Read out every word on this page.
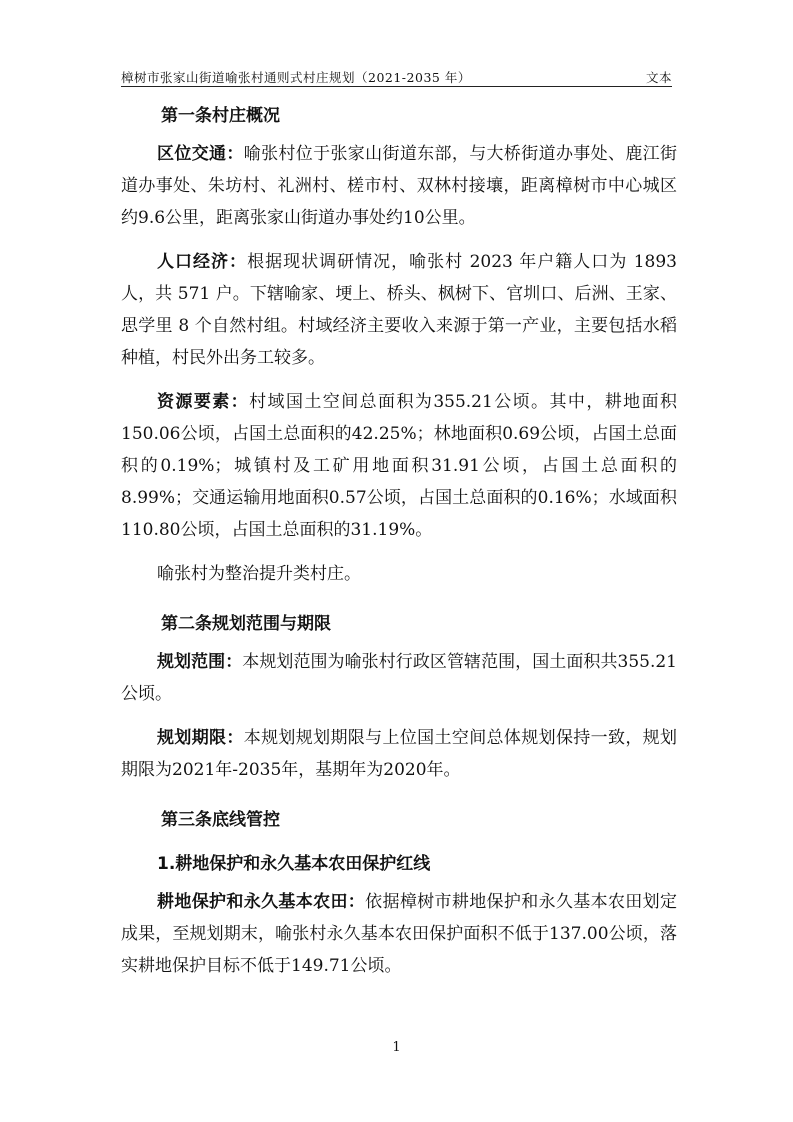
樟树市张家山街道喻张村通则式村庄规划（2021-2035 年）	文本
第一条村庄概况

区位交通：喻张村位于张家山街道东部，与大桥街道办事处、鹿江街道办事处、朱坊村、礼洲村、槎市村、双林村接壤，距离樟树市中心城区约9.6公里，距离张家山街道办事处约10公里。

人口经济：根据现状调研情况，喻张村 2023 年户籍人口为 1893 人，共 571 户。下辖喻家、埂上、桥头、枫树下、官圳口、后洲、王家、思学里 8 个自然村组。村域经济主要收入来源于第一产业，主要包括水稻种植，村民外出务工较多。

资源要素：村域国土空间总面积为355.21公顷。其中，耕地面积150.06公顷，占国土总面积的42.25%；林地面积0.69公顷，占国土总面积的0.19%；城镇村及工矿用地面积31.91公顷，占国土总面积的8.99%；交通运输用地面积0.57公顷，占国土总面积的0.16%；水域面积110.80公顷，占国土总面积的31.19%。

喻张村为整治提升类村庄。

第二条规划范围与期限

规划范围：本规划范围为喻张村行政区管辖范围，国土面积共355.21公顷。

规划期限：本规划规划期限与上位国土空间总体规划保持一致，规划期限为2021年-2035年，基期年为2020年。

第三条底线管控
1.耕地保护和永久基本农田保护红线

耕地保护和永久基本农田：依据樟树市耕地保护和永久基本农田划定成果，至规划期末，喻张村永久基本农田保护面积不低于137.00公顷，落实耕地保护目标不低于149.71公顷。

1
